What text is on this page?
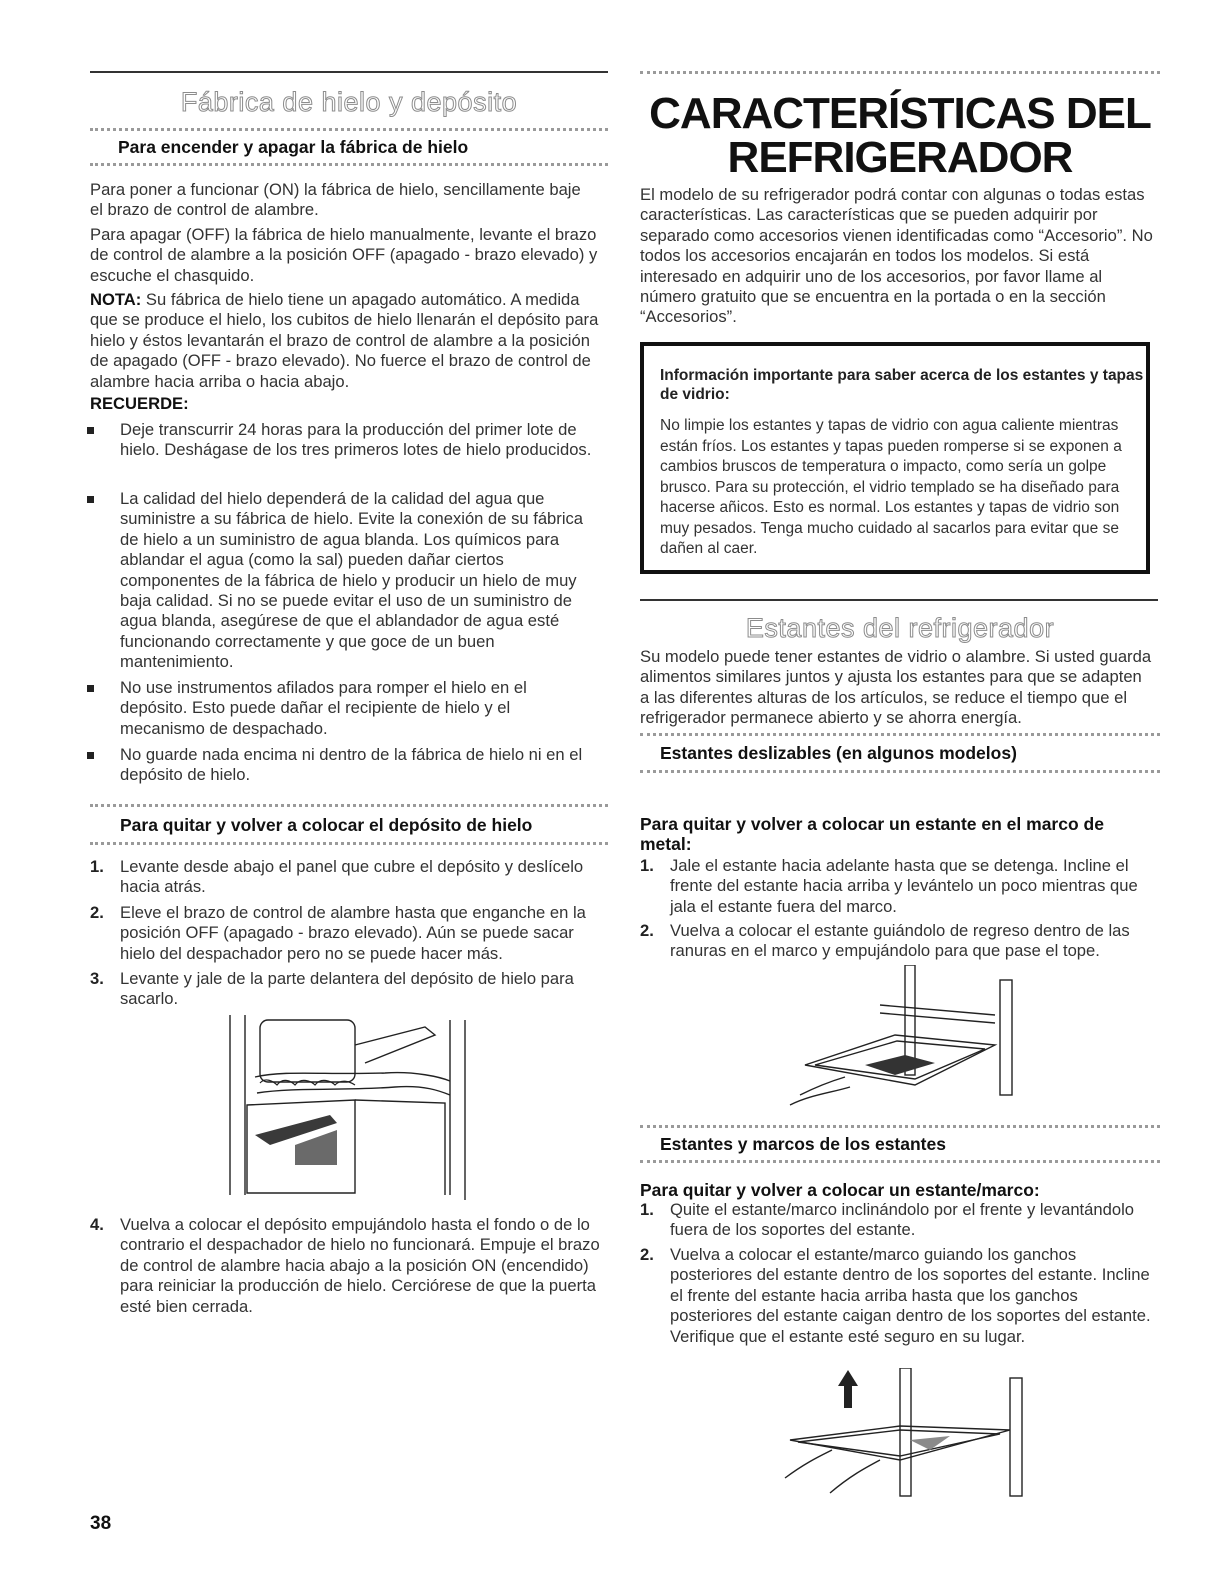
Fábrica de hielo y depósito
Para encender y apagar la fábrica de hielo

Para poner a funcionar (ON) la fábrica de hielo, sencillamente baje el brazo de control de alambre.

Para apagar (OFF) la fábrica de hielo manualmente, levante el brazo de control de alambre a la posición OFF (apagado - brazo elevado) y escuche el chasquido.

NOTA: Su fábrica de hielo tiene un apagado automático. A medida que se produce el hielo, los cubitos de hielo llenarán el depósito para hielo y éstos levantarán el brazo de control de alambre a la posición de apagado (OFF - brazo elevado). No fuerce el brazo de control de alambre hacia arriba o hacia abajo.

RECUERDE:
Deje transcurrir 24 horas para la producción del primer lote de hielo. Deshágase de los tres primeros lotes de hielo producidos.
La calidad del hielo dependerá de la calidad del agua que suministre a su fábrica de hielo. Evite la conexión de su fábrica de hielo a un suministro de agua blanda. Los químicos para ablandar el agua (como la sal) pueden dañar ciertos componentes de la fábrica de hielo y producir un hielo de muy baja calidad. Si no se puede evitar el uso de un suministro de agua blanda, asegúrese de que el ablandador de agua esté funcionando correctamente y que goce de un buen mantenimiento.
No use instrumentos afilados para romper el hielo en el depósito. Esto puede dañar el recipiente de hielo y el mecanismo de despachado.
No guarde nada encima ni dentro de la fábrica de hielo ni en el depósito de hielo.
Para quitar y volver a colocar el depósito de hielo
1. Levante desde abajo el panel que cubre el depósito y deslícelo hacia atrás.
2. Eleve el brazo de control de alambre hasta que enganche en la posición OFF (apagado - brazo elevado). Aún se puede sacar hielo del despachador pero no se puede hacer más.
3. Levante y jale de la parte delantera del depósito de hielo para sacarlo.
4. Vuelva a colocar el depósito empujándolo hasta el fondo o de lo contrario el despachador de hielo no funcionará. Empuje el brazo de control de alambre hacia abajo a la posición ON (encendido) para reiniciar la producción de hielo. Cerciórese de que la puerta esté bien cerrada.
38
CARACTERÍSTICAS DEL
REFRIGERADOR

El modelo de su refrigerador podrá contar con algunas o todas estas características. Las características que se pueden adquirir por separado como accesorios vienen identificadas como “Accesorio”. No todos los accesorios encajarán en todos los modelos. Si está interesado en adquirir uno de los accesorios, por favor llame al número gratuito que se encuentra en la portada o en la sección “Accesorios”.

Información importante para saber acerca de los estantes y tapas de vidrio:
No limpie los estantes y tapas de vidrio con agua caliente mientras están fríos. Los estantes y tapas pueden romperse si se exponen a cambios bruscos de temperatura o impacto, como sería un golpe brusco. Para su protección, el vidrio templado se ha diseñado para hacerse añicos. Esto es normal. Los estantes y tapas de vidrio son muy pesados. Tenga mucho cuidado al sacarlos para evitar que se dañen al caer.
Estantes del refrigerador

Su modelo puede tener estantes de vidrio o alambre. Si usted guarda alimentos similares juntos y ajusta los estantes para que se adapten a las diferentes alturas de los artículos, se reduce el tiempo que el refrigerador permanece abierto y se ahorra energía.

Estantes deslizables (en algunos modelos)
Para quitar y volver a colocar un estante en el marco de metal:
1. Jale el estante hacia adelante hasta que se detenga. Incline el frente del estante hacia arriba y levántelo un poco mientras que jala el estante fuera del marco.
2. Vuelva a colocar el estante guiándolo de regreso dentro de las ranuras en el marco y empujándolo para que pase el tope.
Estantes y marcos de los estantes
Para quitar y volver a colocar un estante/marco:
1. Quite el estante/marco inclinándolo por el frente y levantándolo fuera de los soportes del estante.
2. Vuelva a colocar el estante/marco guiando los ganchos posteriores del estante dentro de los soportes del estante. Incline el frente del estante hacia arriba hasta que los ganchos posteriores del estante caigan dentro de los soportes del estante. Verifique que el estante esté seguro en su lugar.
